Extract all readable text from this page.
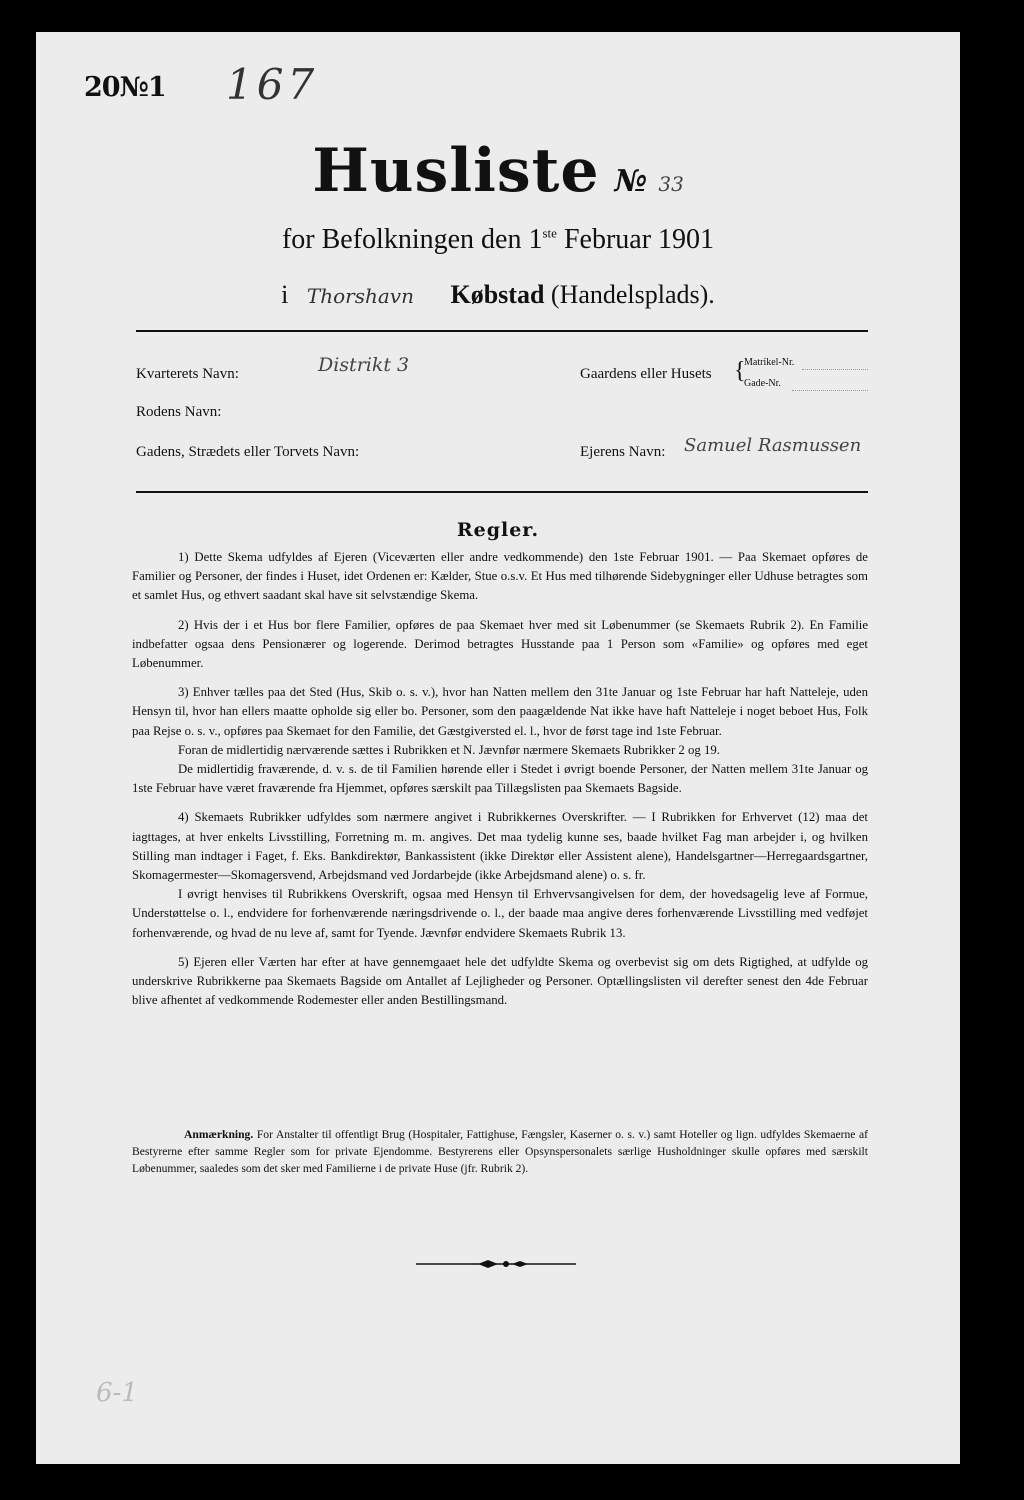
20№1 167
Husliste № 33
for Befolkningen den 1ste Februar 1901
i Thorshavn Købstad (Handelsplads).
Kvarterets Navn:	Distrikt 3	Gaardens eller Husets {
Matrikel-Nr.
Gade-Nr.
Rodens Navn:
Gadens, Strædets eller Torvets Navn:	Ejerens Navn: Samuel Rasmussen
Regler.

1) Dette Skema udfyldes af Ejeren (Viceværten eller andre vedkommende) den 1ste Februar 1901. — Paa Skemaet opføres de Familier og Personer, der findes i Huset, idet Ordenen er: Kælder, Stue o.s.v. Et Hus med tilhørende Sidebygninger eller Udhuse betragtes som et samlet Hus, og ethvert saadant skal have sit selvstændige Skema.

2) Hvis der i et Hus bor flere Familier, opføres de paa Skemaet hver med sit Løbenummer (se Skemaets Rubrik 2). En Familie indbefatter ogsaa dens Pensionærer og logerende. Derimod betragtes Husstande paa 1 Person som «Familie» og opføres med eget Løbenummer.

3) Enhver tælles paa det Sted (Hus, Skib o. s. v.), hvor han Natten mellem den 31te Januar og 1ste Februar har haft Natteleje, uden Hensyn til, hvor han ellers maatte opholde sig eller bo. Personer, som den paagældende Nat ikke have haft Natteleje i noget beboet Hus, Folk paa Rejse o. s. v., opføres paa Skemaet for den Familie, det Gæstgiversted el. l., hvor de først tage ind 1ste Februar.

Foran de midlertidig nærværende sættes i Rubrikken et N. Jævnfør nærmere Skemaets Rubrikker 2 og 19.

De midlertidig fraværende, d. v. s. de til Familien hørende eller i Stedet i øvrigt boende Personer, der Natten mellem 31te Januar og 1ste Februar have været fraværende fra Hjemmet, opføres særskilt paa Tillægslisten paa Skemaets Bagside.

4) Skemaets Rubrikker udfyldes som nærmere angivet i Rubrikkernes Overskrifter. — I Rubrikken for Erhvervet (12) maa det iagttages, at hver enkelts Livsstilling, Forretning m. m. angives. Det maa tydelig kunne ses, baade hvilket Fag man arbejder i, og hvilken Stilling man indtager i Faget, f. Eks. Bankdirektør, Bankassistent (ikke Direktør eller Assistent alene), Handelsgartner—Herregaardsgartner, Skomagermester—Skomagersvend, Arbejdsmand ved Jordarbejde (ikke Arbejdsmand alene) o. s. fr.

I øvrigt henvises til Rubrikkens Overskrift, ogsaa med Hensyn til Erhvervsangivelsen for dem, der hovedsagelig leve af Formue, Understøttelse o. l., endvidere for forhenværende næringsdrivende o. l., der baade maa angive deres forhenværende Livsstilling med vedføjet forhenværende, og hvad de nu leve af, samt for Tyende. Jævnfør endvidere Skemaets Rubrik 13.

5) Ejeren eller Værten har efter at have gennemgaaet hele det udfyldte Skema og overbevist sig om dets Rigtighed, at udfylde og underskrive Rubrikkerne paa Skemaets Bagside om Antallet af Lejligheder og Personer. Optællingslisten vil derefter senest den 4de Februar blive afhentet af vedkommende Rodemester eller anden Bestillingsmand.

Anmærkning. For Anstalter til offentligt Brug (Hospitaler, Fattighuse, Fængsler, Kaserner o. s. v.) samt Hoteller og lign. udfyldes Skemaerne af Bestyrerne efter samme Regler som for private Ejendomme. Bestyrerens eller Opsynspersonalets særlige Husholdninger skulle opføres med særskilt Løbenummer, saaledes som det sker med Familierne i de private Huse (jfr. Rubrik 2).

6-1
